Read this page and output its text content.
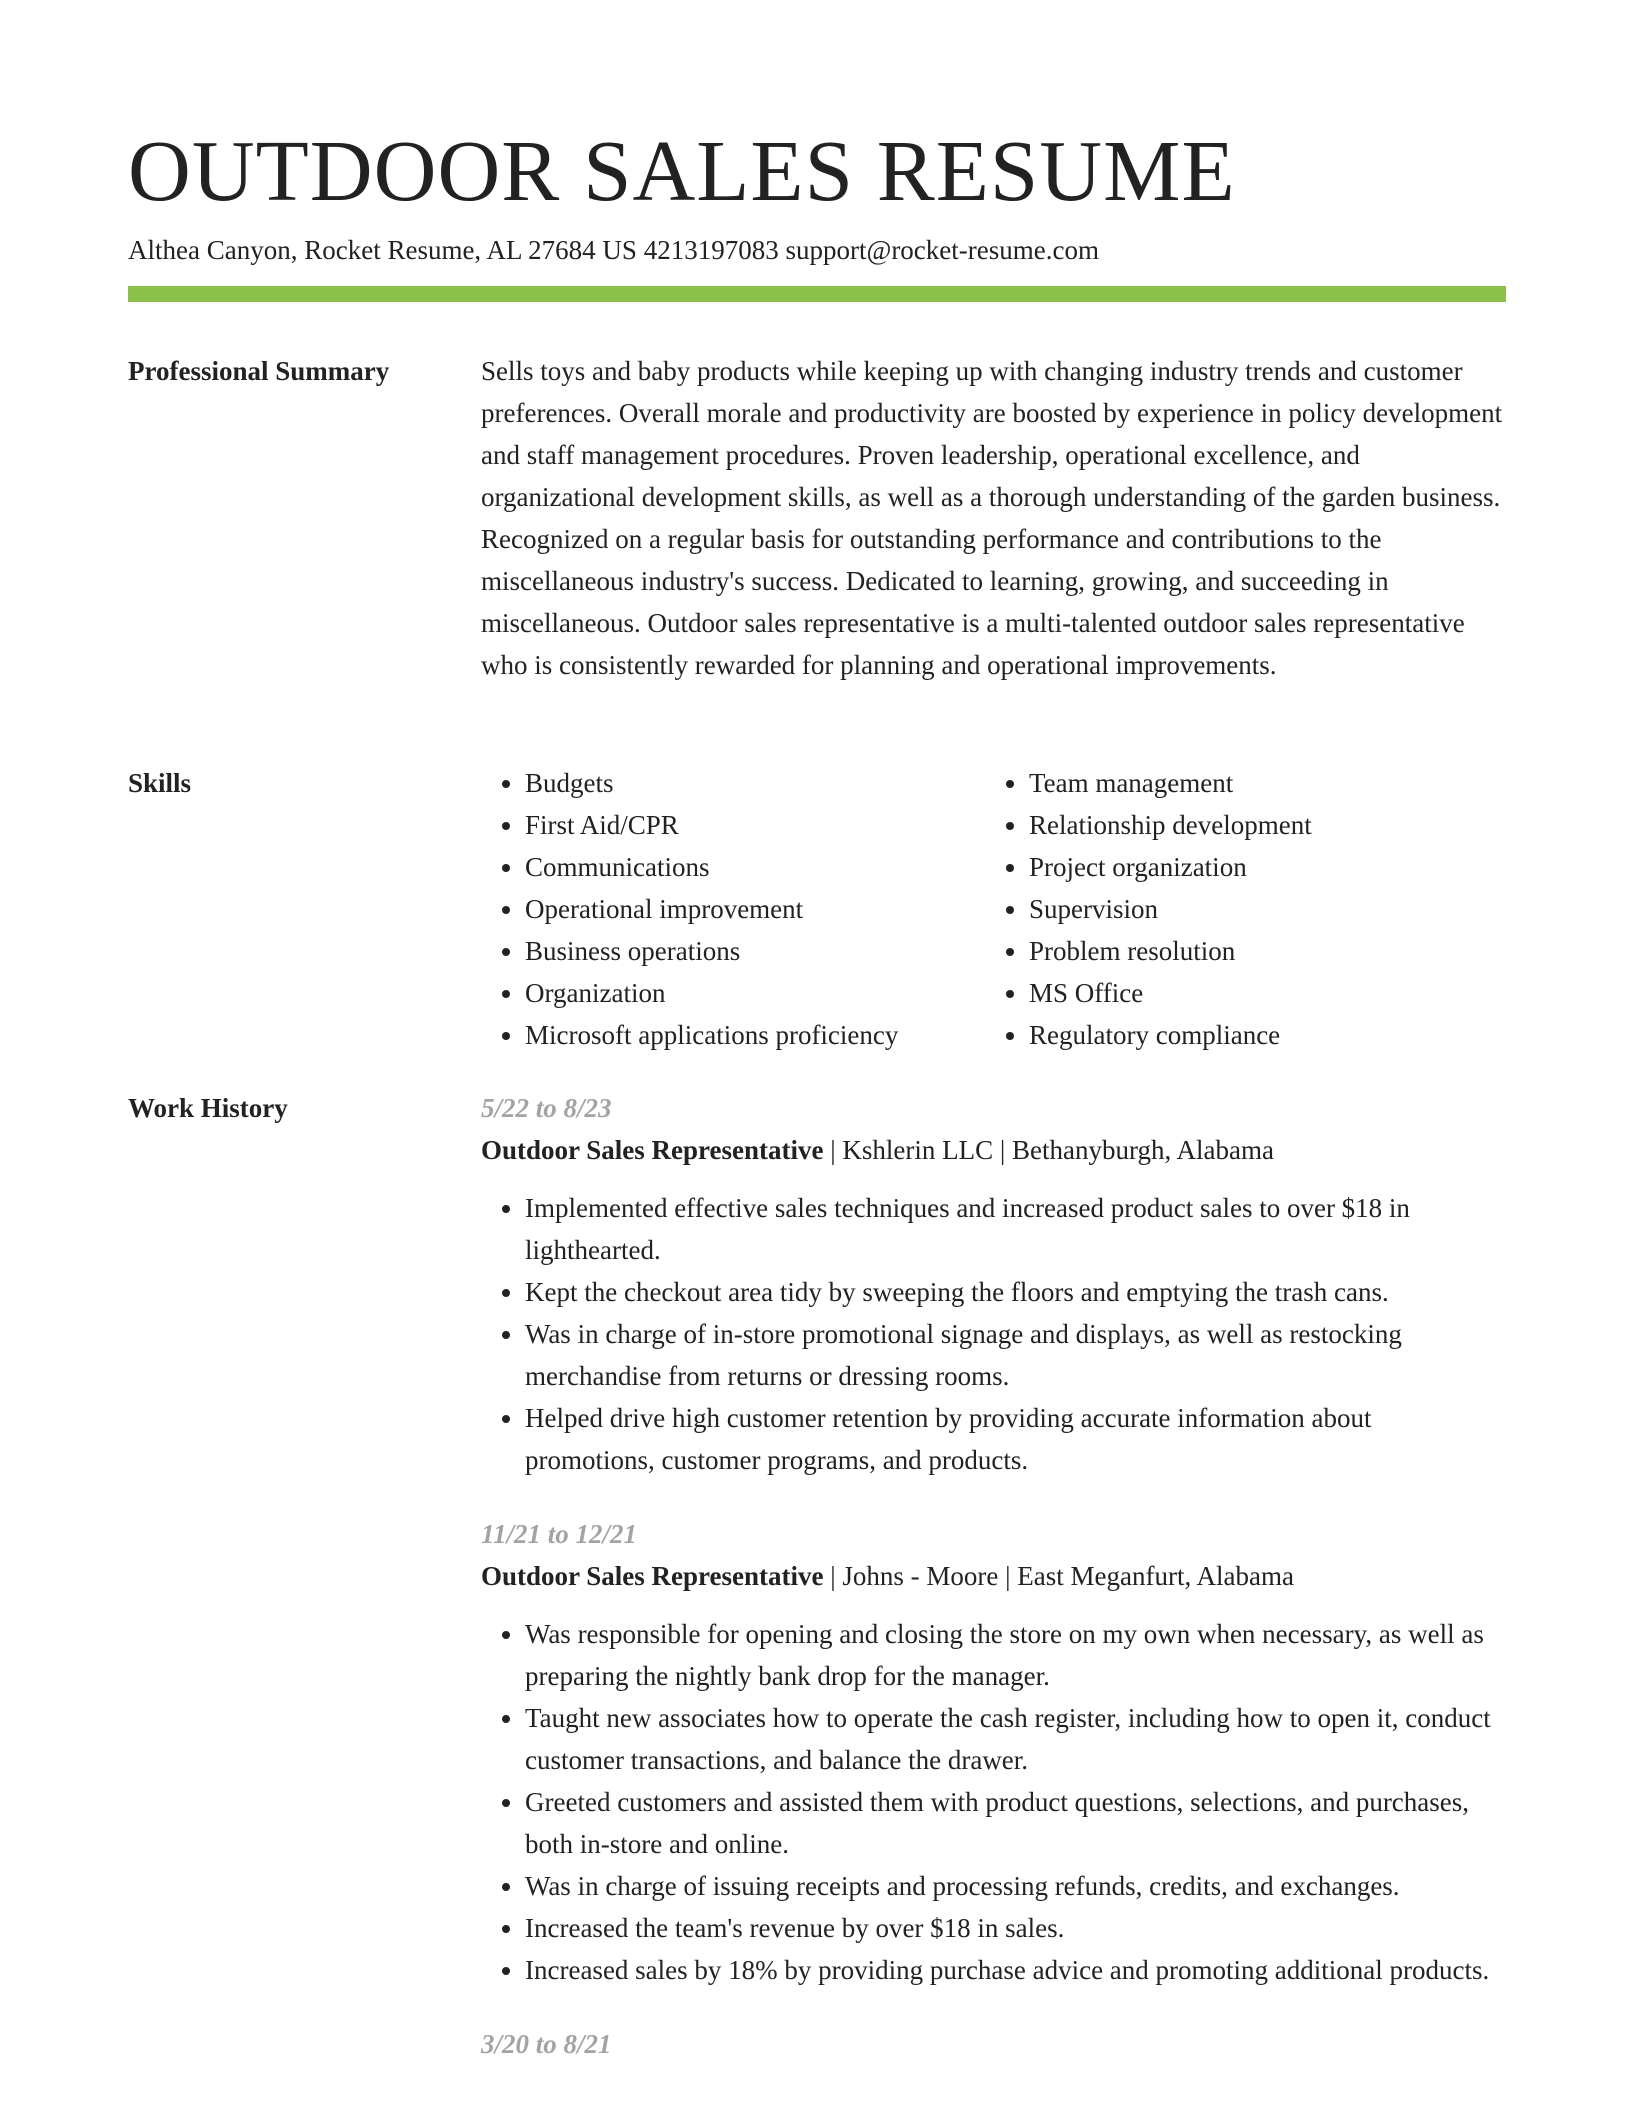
OUTDOOR SALES RESUME

Althea Canyon, Rocket Resume, AL 27684 US 4213197083 support@rocket-resume.com

Professional Summary	Sells toys and baby products while keeping up with changing industry trends and customer preferences. Overall morale and productivity are boosted by experience in policy development and staff management procedures. Proven leadership, operational excellence, and organizational development skills, as well as a thorough understanding of the garden business. Recognized on a regular basis for outstanding performance and contributions to the miscellaneous industry's success. Dedicated to learning, growing, and succeeding in miscellaneous. Outdoor sales representative is a multi-talented outdoor sales representative who is consistently rewarded for planning and operational improvements.

Skills
•	Budgets
• First Aid/CPR
• Communications
• Operational improvement
• Business operations
• Organization
• Microsoft applications proficiency
• Team management
• Relationship development
• Project organization
• Supervision
• Problem resolution
• MS Office
• Regulatory compliance
Work History	5/22 to 8/23

Outdoor Sales Representative | Kshlerin LLC | Bethanyburgh, Alabama

• Implemented effective sales techniques and increased product sales to over $18 in lighthearted.
• Kept the checkout area tidy by sweeping the floors and emptying the trash cans.
• Was in charge of in-store promotional signage and displays, as well as restocking merchandise from returns or dressing rooms.
• Helped drive high customer retention by providing accurate information about promotions, customer programs, and products.

11/21 to 12/21

Outdoor Sales Representative | Johns - Moore | East Meganfurt, Alabama

• Was responsible for opening and closing the store on my own when necessary, as well as preparing the nightly bank drop for the manager.
• Taught new associates how to operate the cash register, including how to open it, conduct customer transactions, and balance the drawer.
• Greeted customers and assisted them with product questions, selections, and purchases, both in-store and online.
• Was in charge of issuing receipts and processing refunds, credits, and exchanges.
• Increased the team's revenue by over $18 in sales.
• Increased sales by 18% by providing purchase advice and promoting additional products.

3/20 to 8/21
